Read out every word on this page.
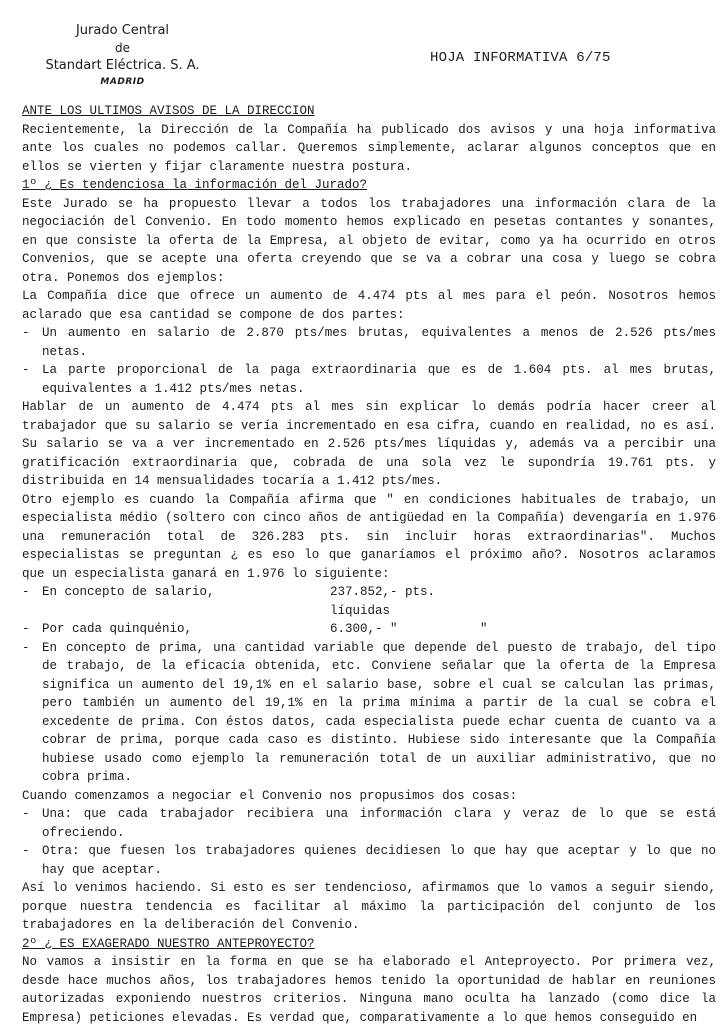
Jurado Central
de
Standart Eléctrica. S. A.
MADRID
HOJA INFORMATIVA 6/75

ANTE LOS ULTIMOS AVISOS DE LA DIRECCION

Recientemente, la Dirección de la Compañía ha publicado dos avisos y una hoja informativa ante los cuales no podemos callar. Queremos simplemente, aclarar algunos conceptos que en ellos se vierten y fijar claramente nuestra postura.

1º ¿ Es tendenciosa la información del Jurado?

Este Jurado se ha propuesto llevar a todos los trabajadores una información clara de la negociación del Convenio. En todo momento hemos explicado en pesetas contantes y sonantes, en que consiste la oferta de la Empresa, al objeto de evitar, como ya ha ocurrido en otros Convenios, que se acepte una oferta creyendo que se va a cobrar una cosa y luego se cobra otra. Ponemos dos ejemplos:

La Compañía dice que ofrece un aumento de 4.474 pts al mes para el peón. Nosotros hemos aclarado que esa cantidad se compone de dos partes:

- Un aumento en salario de 2.870 pts/mes brutas, equivalentes a menos de 2.526 pts/mes netas.
- La parte proporcional de la paga extraordinaria que es de 1.604 pts. al mes brutas, equivalentes a 1.412 pts/mes netas.

Hablar de un aumento de 4.474 pts al mes sin explicar lo demás podría hacer creer al trabajador que su salario se vería incrementado en esa cifra, cuando en realidad, no es así. Su salario se va a ver incrementado en 2.526 pts/mes líquidas y, además va a percibir una gratificación extraordinaria que, cobrada de una sola vez le supondría 19.761 pts. y distribuida en 14 mensualidades tocaría a 1.412 pts/mes.

Otro ejemplo es cuando la Compañía afirma que " en condiciones habituales de trabajo, un especialista médio (soltero con cinco años de antigüedad en la Compañía) devengaría en 1.976 una remuneración total de 326.283 pts. sin incluir horas extraordinarias". Muchos especialistas se preguntan ¿ es eso lo que ganaríamos el próximo año?. Nosotros aclaramos que un especialista ganará en 1.976 lo siguiente:

- En concepto de salario,	237.852,- pts. líquidas
- Por cada quinquénio,	6.300,- "	"
- En concepto de prima, una cantidad variable que depende del puesto de trabajo, del tipo de trabajo, de la eficacia obtenida, etc. Conviene señalar que la oferta de la Empresa significa un aumento del 19,1% en el salario base, sobre el cual se calculan las primas, pero también un aumento del 19,1% en la prima mínima a partir de la cual se cobra el excedente de prima. Con éstos datos, cada especialista puede echar cuenta de cuanto va a cobrar de prima, porque cada caso es distinto. Hubiese sido interesante que la Compañía hubiese usado como ejemplo la remuneración total de un auxiliar administrativo, que no cobra prima.

Cuando comenzamos a negociar el Convenio nos propusimos dos cosas:

- Una: que cada trabajador recibiera una información clara y veraz de lo que se está ofreciendo.
- Otra: que fuesen los trabajadores quienes decidiesen lo que hay que aceptar y lo que no hay que aceptar.

Así lo venimos haciendo. Si esto es ser tendencioso, afirmamos que lo vamos a seguir siendo, porque nuestra tendencia es facilitar al máximo la participación del conjunto de los trabajadores en la deliberación del Convenio.

2º ¿ ES EXAGERADO NUESTRO ANTEPROYECTO?

No vamos a insistir en la forma en que se ha elaborado el Anteproyecto. Por primera vez, desde hace muchos años, los trabajadores hemos tenido la oportunidad de hablar en reuniones autorizadas exponiendo nuestros criterios. Ninguna mano oculta ha lanzado (como dice la Empresa) peticiones elevadas. Es verdad que, comparativamente a lo que hemos conseguido en
